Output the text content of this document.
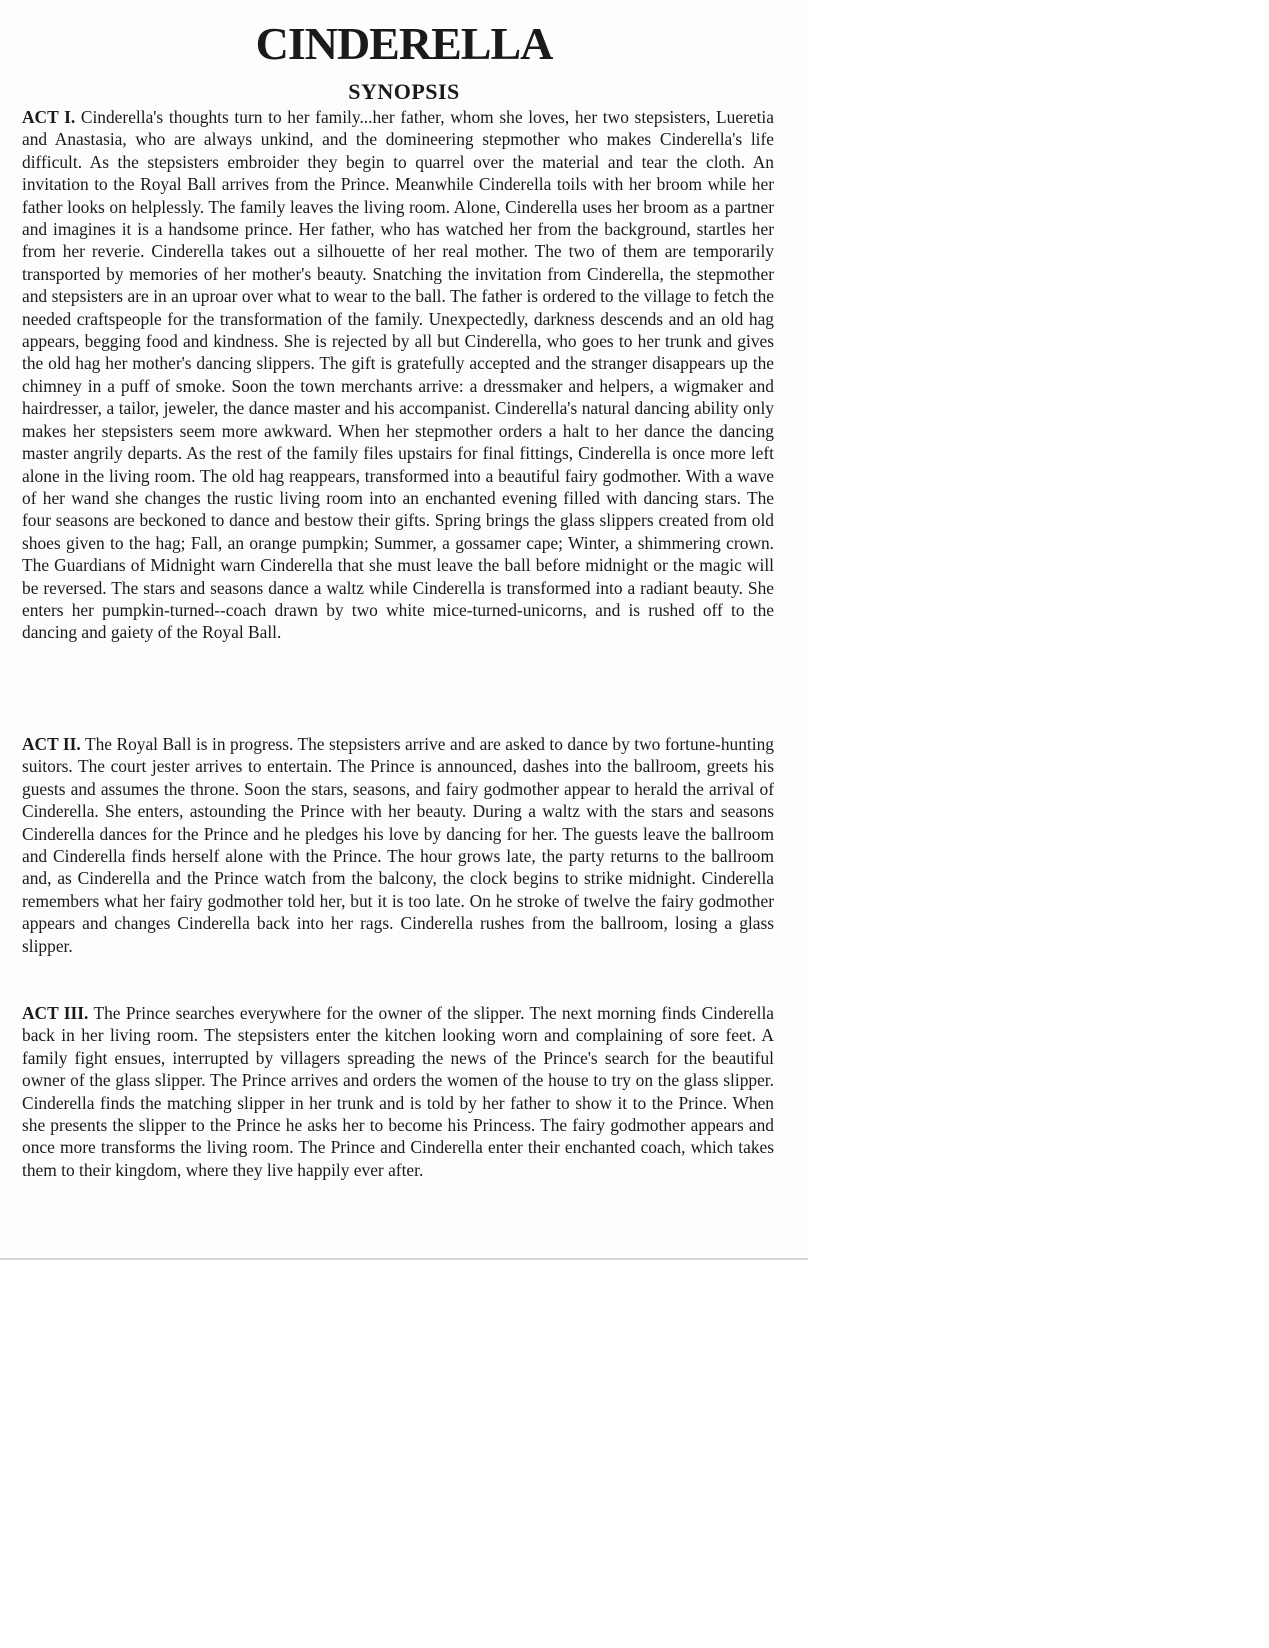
CINDERELLA
SYNOPSIS

ACT I. Cinderella's thoughts turn to her family...her father, whom she loves, her two stepsisters, Lueretia and Anastasia, who are always unkind, and the domineering stepmother who makes Cinderella's life difficult. As the stepsisters embroider they begin to quarrel over the material and tear the cloth. An invitation to the Royal Ball arrives from the Prince. Meanwhile Cinderella toils with her broom while her father looks on helplessly. The family leaves the living room. Alone, Cinderella uses her broom as a partner and imagines it is a handsome prince. Her father, who has watched her from the background, startles her from her reverie. Cinderella takes out a silhouette of her real mother. The two of them are temporarily transported by memories of her mother's beauty. Snatching the invitation from Cinderella, the stepmother and stepsisters are in an uproar over what to wear to the ball. The father is ordered to the village to fetch the needed craftspeople for the transformation of the family. Unexpectedly, darkness descends and an old hag appears, begging food and kindness. She is rejected by all but Cinderella, who goes to her trunk and gives the old hag her mother's dancing slippers. The gift is gratefully accepted and the stranger disappears up the chimney in a puff of smoke. Soon the town merchants arrive: a dressmaker and helpers, a wigmaker and hairdresser, a tailor, jeweler, the dance master and his accompanist. Cinderella's natural dancing ability only makes her stepsisters seem more awkward. When her stepmother orders a halt to her dance the dancing master angrily departs. As the rest of the family files upstairs for final fittings, Cinderella is once more left alone in the living room. The old hag reappears, transformed into a beautiful fairy godmother. With a wave of her wand she changes the rustic living room into an enchanted evening filled with dancing stars. The four seasons are beckoned to dance and bestow their gifts. Spring brings the glass slippers created from old shoes given to the hag; Fall, an orange pumpkin; Summer, a gossamer cape; Winter, a shimmering crown. The Guardians of Midnight warn Cinderella that she must leave the ball before midnight or the magic will be reversed. The stars and seasons dance a waltz while Cinderella is transformed into a radiant beauty. She enters her pumpkin-turned--coach drawn by two white mice-turned-unicorns, and is rushed off to the dancing and gaiety of the Royal Ball.

ACT II. The Royal Ball is in progress. The stepsisters arrive and are asked to dance by two fortune-hunting suitors. The court jester arrives to entertain. The Prince is announced, dashes into the ballroom, greets his guests and assumes the throne. Soon the stars, seasons, and fairy godmother appear to herald the arrival of Cinderella. She enters, astounding the Prince with her beauty. During a waltz with the stars and seasons Cinderella dances for the Prince and he pledges his love by dancing for her. The guests leave the ballroom and Cinderella finds herself alone with the Prince. The hour grows late, the party returns to the ballroom and, as Cinderella and the Prince watch from the balcony, the clock begins to strike midnight. Cinderella remembers what her fairy godmother told her, but it is too late. On he stroke of twelve the fairy godmother appears and changes Cinderella back into her rags. Cinderella rushes from the ballroom, losing a glass slipper.

ACT III. The Prince searches everywhere for the owner of the slipper. The next morning finds Cinderella back in her living room. The stepsisters enter the kitchen looking worn and complaining of sore feet. A family fight ensues, interrupted by villagers spreading the news of the Prince's search for the beautiful owner of the glass slipper. The Prince arrives and orders the women of the house to try on the glass slipper. Cinderella finds the matching slipper in her trunk and is told by her father to show it to the Prince. When she presents the slipper to the Prince he asks her to become his Princess. The fairy godmother appears and once more transforms the living room. The Prince and Cinderella enter their enchanted coach, which takes them to their kingdom, where they live happily ever after.
